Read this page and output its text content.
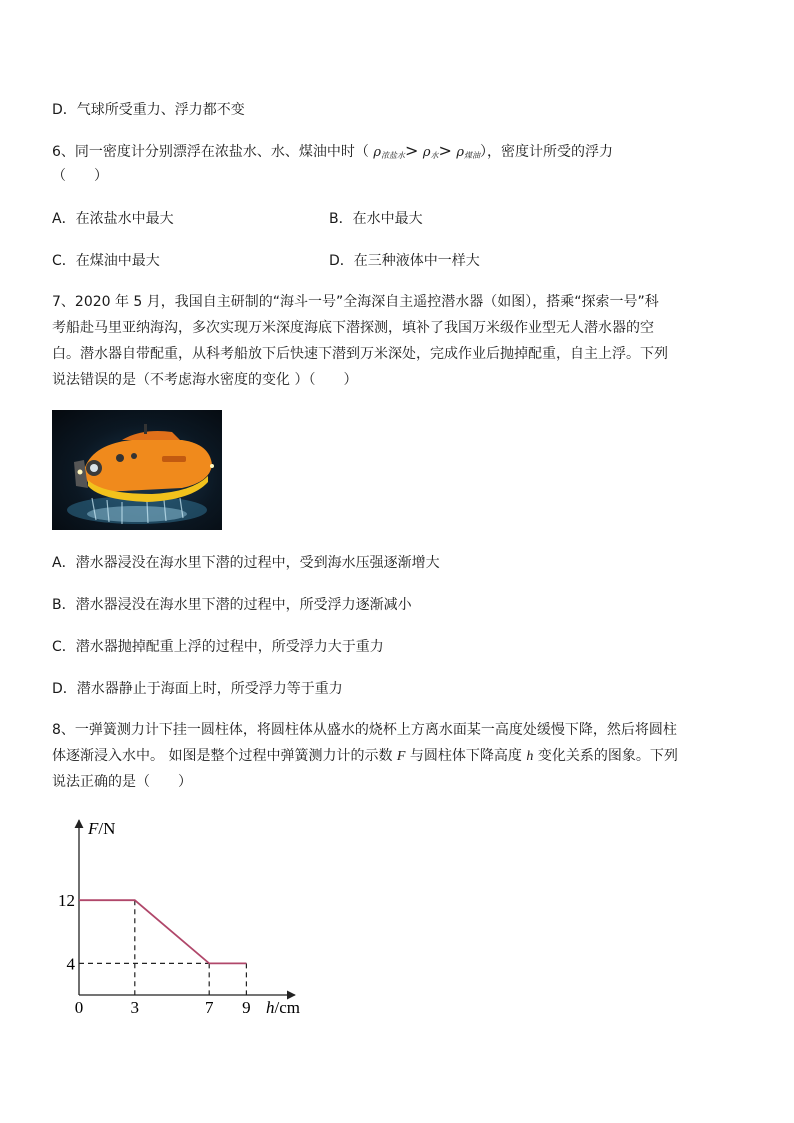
D．气球所受重力、浮力都不变
6、同一密度计分别漂浮在浓盐水、水、煤油中时（ $\rho_{浓盐水}> \rho_水> \rho_{煤油}$），密度计所受的浮力
（　　）
A．在浓盐水中最大	B．在水中最大
C．在煤油中最大	D．在三种液体中一样大
7、2020 年 5 月，我国自主研制的“海斗一号”全海深自主遥控潜水器（如图），搭乘“探索一号”科
考船赴马里亚纳海沟，多次实现万米深度海底下潜探测，填补了我国万米级作业型无人潜水器的空
白。潜水器自带配重，从科考船放下后快速下潜到万米深处，完成作业后抛掉配重，自主上浮。下列
说法错误的是（不考虑海水密度的变化 ）（　　）
A．潜水器浸没在海水里下潜的过程中，受到海水压强逐渐增大
B．潜水器浸没在海水里下潜的过程中，所受浮力逐渐减小
C．潜水器抛掉配重上浮的过程中，所受浮力大于重力
D．潜水器静止于海面上时，所受浮力等于重力
8、一弹簧测力计下挂一圆柱体，将圆柱体从盛水的烧杯上方离水面某一高度处缓慢下降，然后将圆柱
体逐渐浸入水中。 如图是整个过程中弹簧测力计的示数 F 与圆柱体下降高度 h 变化关系的图象。下列
说法正确的是（　　）
12
4
0	3	7 9
F/N
h/cm
